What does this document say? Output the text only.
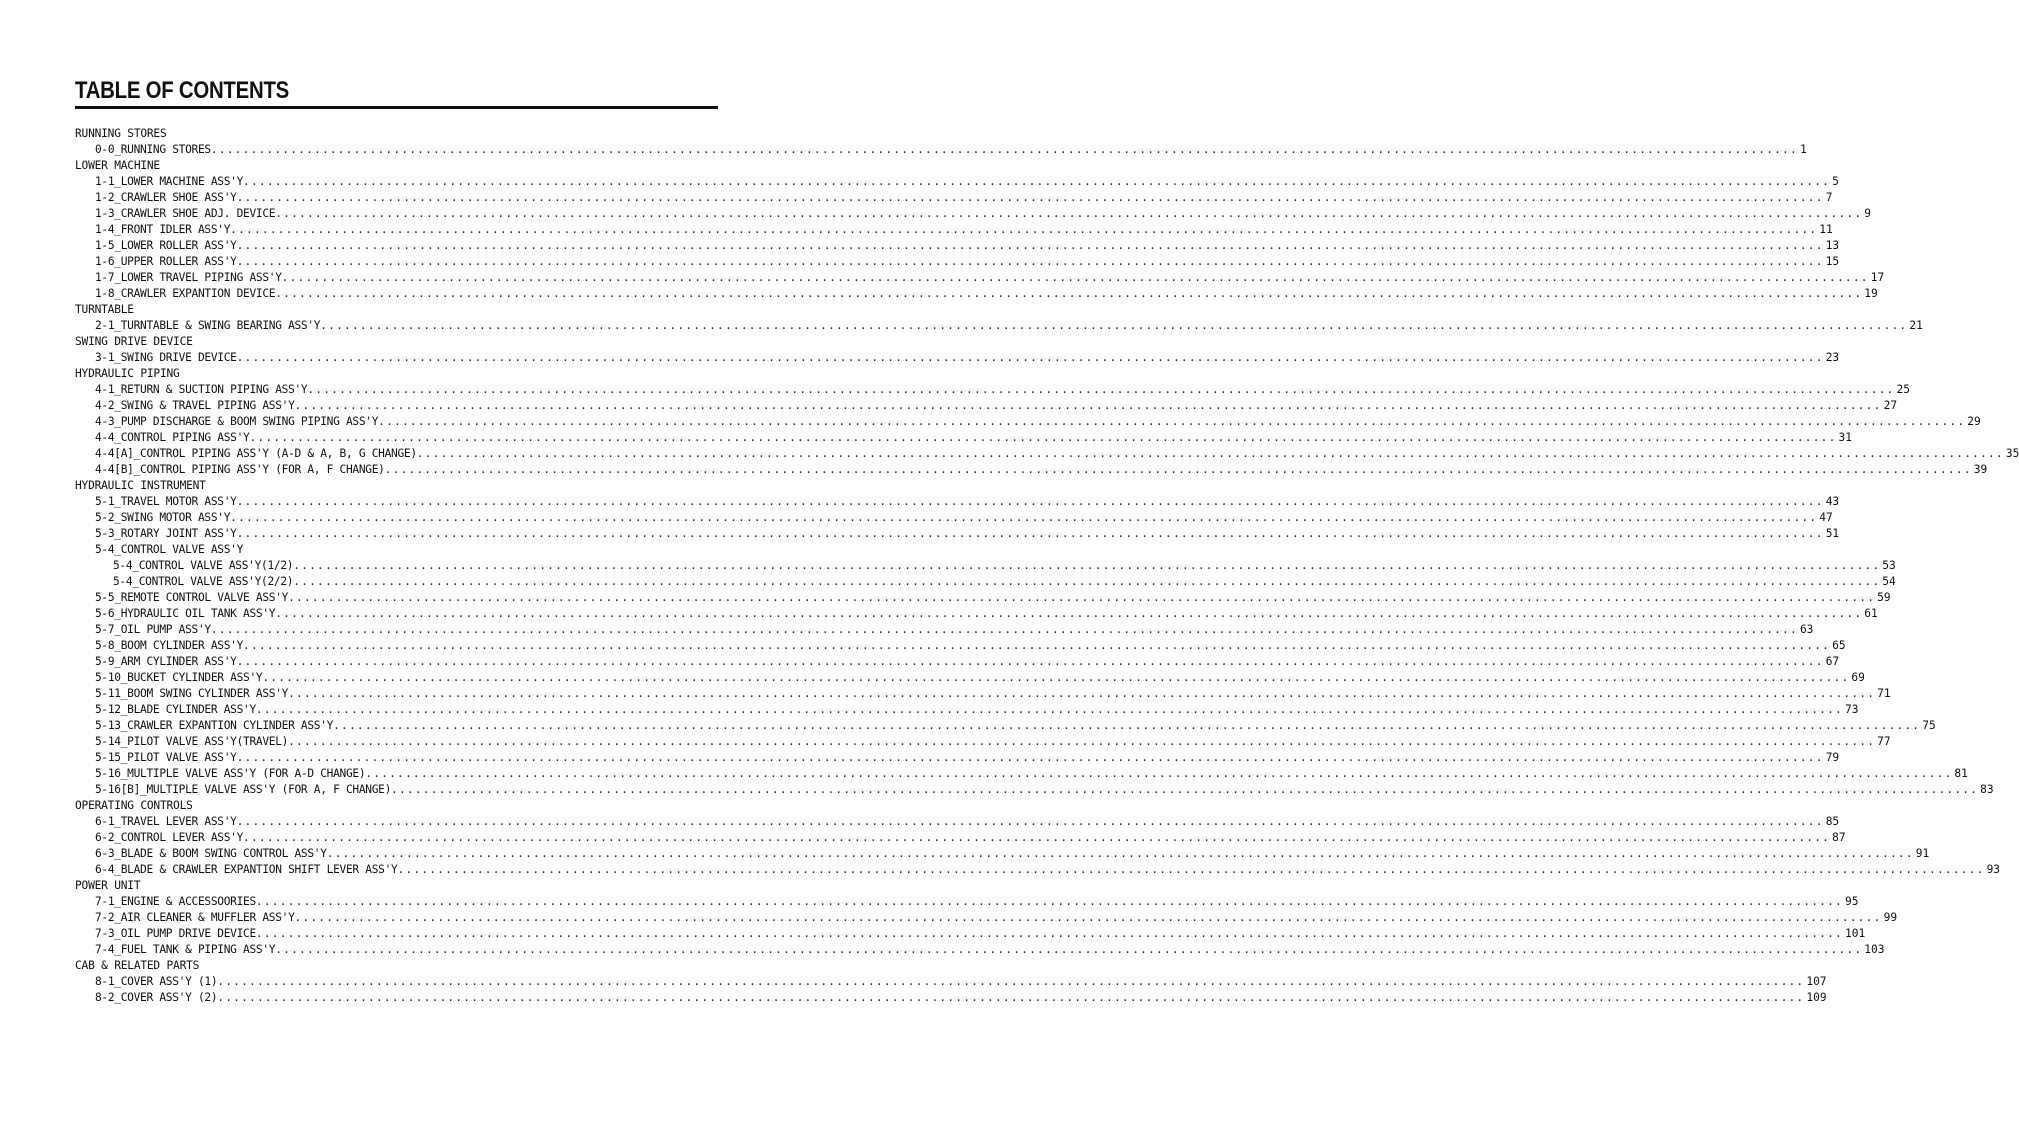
TABLE OF CONTENTS
RUNNING STORES
0-0_RUNNING STORES ........................................................................................................................................................................................................ 1
LOWER MACHINE
1-1_LOWER MACHINE ASS'Y ........................................................................................................................................................................................................ 5
1-2_CRAWLER SHOE ASS'Y ........................................................................................................................................................................................................ 7
1-3_CRAWLER SHOE ADJ. DEVICE ........................................................................................................................................................................................................ 9
1-4_FRONT IDLER ASS'Y ........................................................................................................................................................................................................ 11
1-5_LOWER ROLLER ASS'Y ........................................................................................................................................................................................................ 13
1-6_UPPER ROLLER ASS'Y ........................................................................................................................................................................................................ 15
1-7_LOWER TRAVEL PIPING ASS'Y ........................................................................................................................................................................................................ 17
1-8_CRAWLER EXPANTION DEVICE ........................................................................................................................................................................................................ 19
TURNTABLE
2-1_TURNTABLE & SWING BEARING ASS'Y ........................................................................................................................................................................................................ 21
SWING DRIVE DEVICE
3-1_SWING DRIVE DEVICE ........................................................................................................................................................................................................ 23
HYDRAULIC PIPING
4-1_RETURN & SUCTION PIPING ASS'Y ........................................................................................................................................................................................................ 25
4-2_SWING & TRAVEL PIPING ASS'Y ........................................................................................................................................................................................................ 27
4-3_PUMP DISCHARGE & BOOM SWING PIPING ASS'Y ........................................................................................................................................................................................................ 29
4-4_CONTROL PIPING ASS'Y ........................................................................................................................................................................................................ 31
4-4[A]_CONTROL PIPING ASS'Y (A-D & A, B, G CHANGE) ........................................................................................................................................................................................................ 35
4-4[B]_CONTROL PIPING ASS'Y (FOR A, F CHANGE) ........................................................................................................................................................................................................ 39
HYDRAULIC INSTRUMENT
5-1_TRAVEL MOTOR ASS'Y ........................................................................................................................................................................................................ 43
5-2_SWING MOTOR ASS'Y ........................................................................................................................................................................................................ 47
5-3_ROTARY JOINT ASS'Y ........................................................................................................................................................................................................ 51
5-4_CONTROL VALVE ASS'Y
5-4_CONTROL VALVE ASS'Y(1/2) ........................................................................................................................................................................................................ 53
5-4_CONTROL VALVE ASS'Y(2/2) ........................................................................................................................................................................................................ 54
5-5_REMOTE CONTROL VALVE ASS'Y ........................................................................................................................................................................................................ 59
5-6_HYDRAULIC OIL TANK ASS'Y ........................................................................................................................................................................................................ 61
5-7_OIL PUMP ASS'Y ........................................................................................................................................................................................................ 63
5-8_BOOM CYLINDER ASS'Y ........................................................................................................................................................................................................ 65
5-9_ARM CYLINDER ASS'Y ........................................................................................................................................................................................................ 67
5-10_BUCKET CYLINDER ASS'Y ........................................................................................................................................................................................................ 69
5-11_BOOM SWING CYLINDER ASS'Y ........................................................................................................................................................................................................ 71
5-12_BLADE CYLINDER ASS'Y ........................................................................................................................................................................................................ 73
5-13_CRAWLER EXPANTION CYLINDER ASS'Y ........................................................................................................................................................................................................ 75
5-14_PILOT VALVE ASS'Y(TRAVEL) ........................................................................................................................................................................................................ 77
5-15_PILOT VALVE ASS'Y ........................................................................................................................................................................................................ 79
5-16_MULTIPLE VALVE ASS'Y (FOR A-D CHANGE) ........................................................................................................................................................................................................ 81
5-16[B]_MULTIPLE VALVE ASS'Y (FOR A, F CHANGE) ........................................................................................................................................................................................................ 83
OPERATING CONTROLS
6-1_TRAVEL LEVER ASS'Y ........................................................................................................................................................................................................ 85
6-2_CONTROL LEVER ASS'Y ........................................................................................................................................................................................................ 87
6-3_BLADE & BOOM SWING CONTROL ASS'Y ........................................................................................................................................................................................................ 91
6-4_BLADE & CRAWLER EXPANTION SHIFT LEVER ASS'Y ........................................................................................................................................................................................................ 93
POWER UNIT
7-1_ENGINE & ACCESSOORIES ........................................................................................................................................................................................................ 95
7-2_AIR CLEANER & MUFFLER ASS'Y ........................................................................................................................................................................................................ 99
7-3_OIL PUMP DRIVE DEVICE ........................................................................................................................................................................................................ 101
7-4_FUEL TANK & PIPING ASS'Y ........................................................................................................................................................................................................ 103
CAB & RELATED PARTS
8-1_COVER ASS'Y (1) ........................................................................................................................................................................................................ 107
8-2_COVER ASS'Y (2) ........................................................................................................................................................................................................ 109
